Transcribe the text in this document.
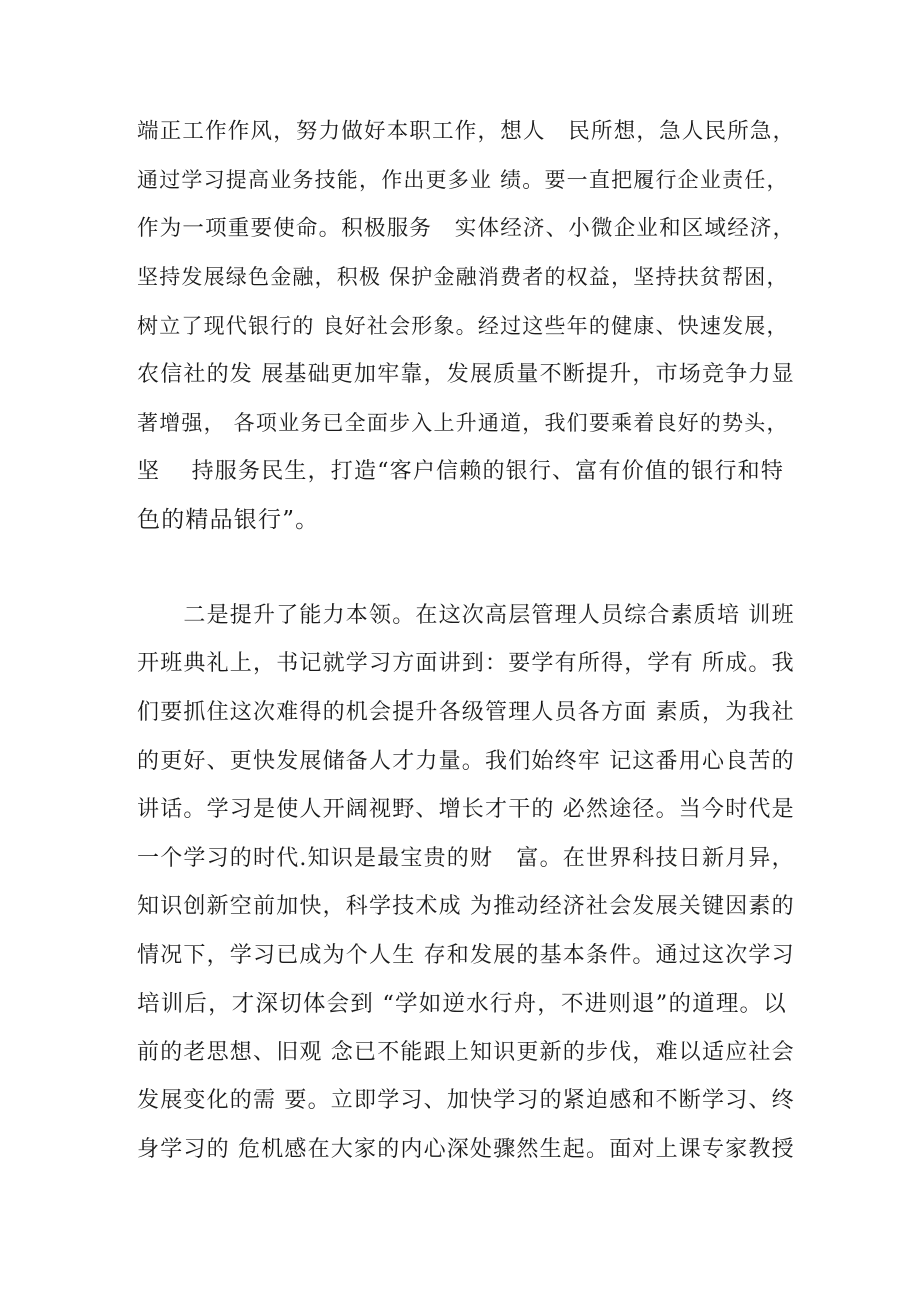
端正工作作风，努力做好本职工作，想人　民所想，急人民所急，
通过学习提高业务技能，作出更多业 绩。要一直把履行企业责任，
作为一项重要使命。积极服务　实体经济、小微企业和区域经济，
坚持发展绿色金融，积极 保护金融消费者的权益，坚持扶贫帮困，
树立了现代银行的 良好社会形象。经过这些年的健康、快速发展，
农信社的发 展基础更加牢靠，发展质量不断提升，市场竞争力显
著增强， 各项业务已全面步入上升通道，我们要乘着良好的势头，
坚　 持服务民生，打造“客户信赖的银行、富有价值的银行和特
色的精品银行”。
　　二是提升了能力本领。在这次高层管理人员综合素质培 训班
开班典礼上，书记就学习方面讲到：要学有所得，学有 所成。我
们要抓住这次难得的机会提升各级管理人员各方面 素质，为我社
的更好、更快发展储备人才力量。我们始终牢 记这番用心良苦的
讲话。学习是使人开阔视野、增长才干的 必然途径。当今时代是
一个学习的时代.知识是最宝贵的财　富。在世界科技日新月异，
知识创新空前加快，科学技术成 为推动经济社会发展关键因素的
情况下，学习已成为个人生 存和发展的基本条件。通过这次学习
培训后，才深切体会到 “学如逆水行舟，不进则退”的道理。以
前的老思想、旧观 念已不能跟上知识更新的步伐，难以适应社会
发展变化的需 要。立即学习、加快学习的紧迫感和不断学习、终
身学习的 危机感在大家的内心深处骤然生起。面对上课专家教授
